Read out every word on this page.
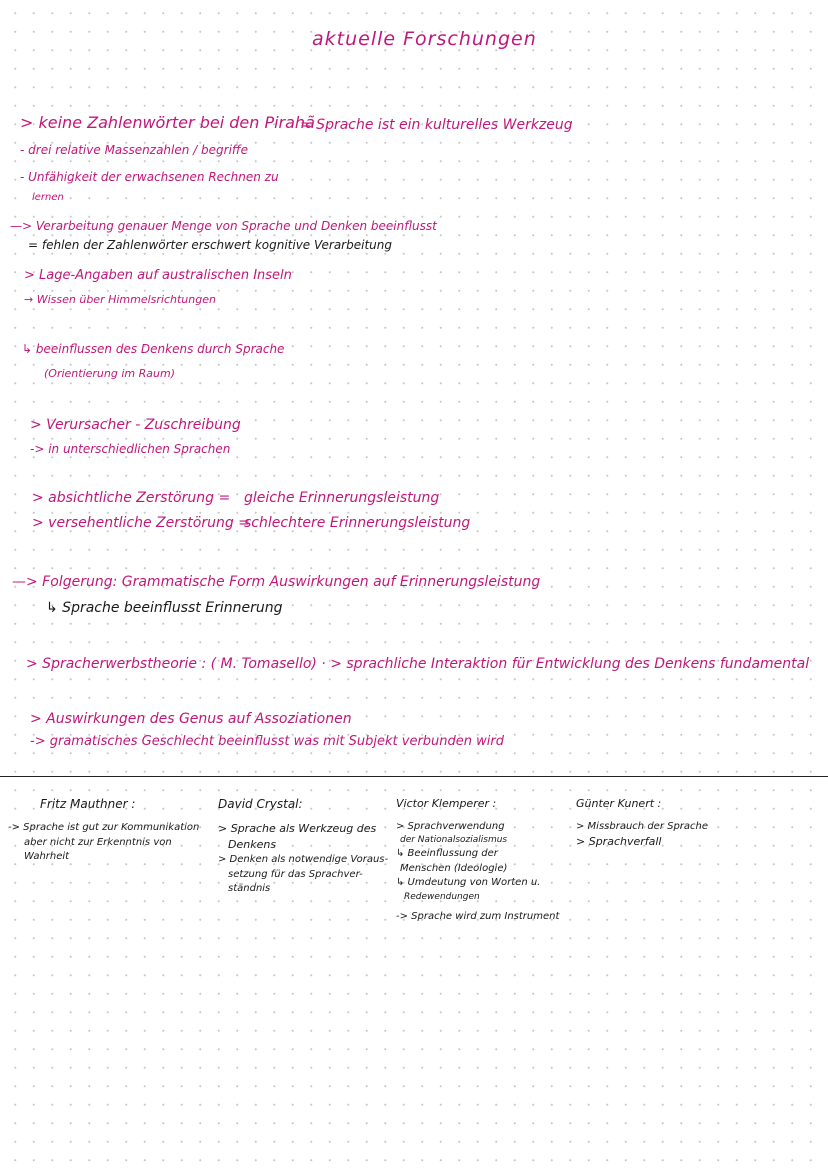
aktuelle Forschungen
> keine Zahlenwörter bei den Pirahã
= Sprache ist ein kulturelles Werkzeug
- drei relative Massenzahlen / begriffe
- Unfähigkeit der erwachsenen Rechnen zu
lernen
—> Verarbeitung genauer Menge von Sprache und Denken beeinflusst
= fehlen der Zahlenwörter erschwert kognitive Verarbeitung
> Lage-Angaben auf australischen Inseln
→ Wissen über Himmelsrichtungen
↳ beeinflussen des Denkens durch Sprache
(Orientierung im Raum)
> Verursacher - Zuschreibung
-> in unterschiedlichen Sprachen
> absichtliche Zerstörung = gleiche Erinnerungsleistung
> versehentliche Zerstörung =
schlechtere Erinnerungsleistung
—> Folgerung: Grammatische Form Auswirkungen auf Erinnerungsleistung
↳ Sprache beeinflusst Erinnerung
> Spracherwerbstheorie : ( M. Tomasello) · > sprachliche Interaktion für Entwicklung des Denkens fundamental
> Auswirkungen des Genus auf Assoziationen
-> gramatisches Geschlecht beeinflusst was mit Subjekt verbunden wird
Fritz Mauthner :
-> Sprache ist gut zur Kommunikation
aber nicht zur Erkenntnis von
Wahrheit
David Crystal:
> Sprache als Werkzeug des
Denkens
> Denken als notwendige Voraus-
setzung für das Sprachver-
ständnis
Victor Klemperer :
> Sprachverwendung
der Nationalsozialismus
↳ Beeinflussung der
Menschen (Ideologie)
↳ Umdeutung von Worten u.
Redewendungen
-> Sprache wird zum Instrument
Günter Kunert :
> Missbrauch der Sprache
> Sprachverfall
